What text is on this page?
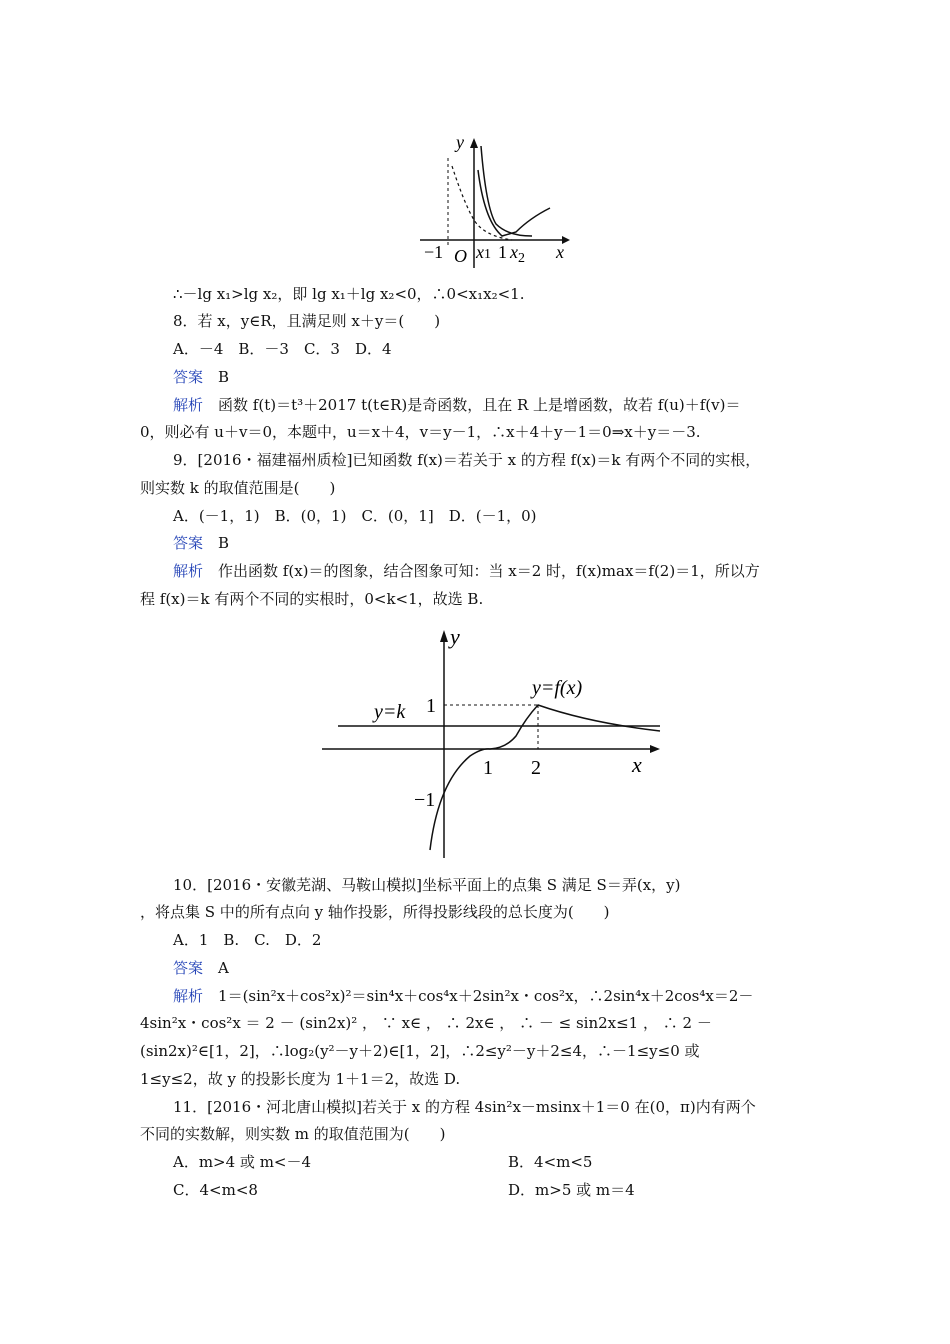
y
x
−1 O x1 1 $x_2$
∴－lg x₁>lg x₂，即 lg x₁＋lg x₂<0，∴0<x₁x₂<1.
8．若 x，y∈R，且满足则 x＋y＝(　　)
A．－4　B．－3　C．3　D．4
答案　 B
解析　 函数 f(t)＝t³＋2017 t(t∈R)是奇函数，且在 R 上是增函数，故若 f(u)＋f(v)＝
0，则必有 u＋v＝0，本题中，u＝x＋4，v＝y－1，∴x＋4＋y－1＝0⇒x＋y＝－3.
9．[2016・福建福州质检]已知函数 f(x)＝若关于 x 的方程 f(x)＝k 有两个不同的实根，
则实数 k 的取值范围是(　　)
A．(－1，1)　B．(0，1)　C．(0，1]　D．(－1，0)
答案　 B
解析　 作出函数 f(x)＝的图象，结合图象可知：当 x＝2 时，f(x)max＝f(2)＝1，所以方
程 f(x)＝k 有两个不同的实根时，0<k<1，故选 B.
y
x
y=k
y=f(x)
1
1 2
−1
10．[2016・安徽芜湖、马鞍山模拟]坐标平面上的点集 S 满足 S＝弄(x，y)
，将点集 S 中的所有点向 y 轴作投影，所得投影线段的总长度为(　　)
A．1　B.　C.　D．2
答案　 A
解析　 1＝(sin²x＋cos²x)²＝sin⁴x＋cos⁴x＋2sin²x・cos²x，∴2sin⁴x＋2cos⁴x＝2－
4sin²x・cos²x ＝ 2 － (sin2x)² ， ∵ x∈ ， ∴ 2x∈ ， ∴ － ≤ sin2x≤1 ， ∴ 2 －
(sin2x)²∈[1，2]，∴log₂(y²－y＋2)∈[1，2]，∴2≤y²－y＋2≤4，∴－1≤y≤0 或
1≤y≤2，故 y 的投影长度为 1＋1＝2，故选 D.
11．[2016・河北唐山模拟]若关于 x 的方程 4sin²x－msinx＋1＝0 在(0，π)内有两个
不同的实数解，则实数 m 的取值范围为(　　)
A．m>4 或 m<－4	B．4<m<5
C．4<m<8	D．m>5 或 m＝4
